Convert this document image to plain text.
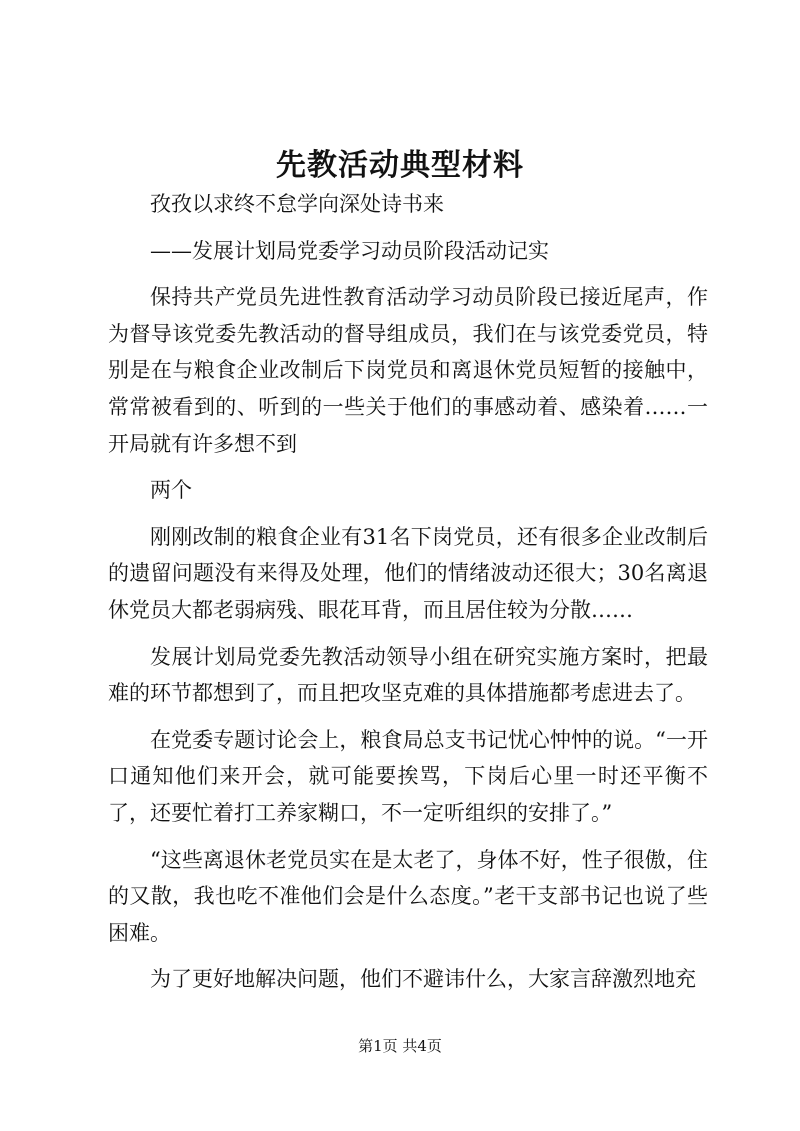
先教活动典型材料

孜孜以求终不怠学向深处诗书来

——发展计划局党委学习动员阶段活动记实

保持共产党员先进性教育活动学习动员阶段已接近尾声，作为督导该党委先教活动的督导组成员，我们在与该党委党员，特别是在与粮食企业改制后下岗党员和离退休党员短暂的接触中，常常被看到的、听到的一些关于他们的事感动着、感染着……一开局就有许多想不到

两个

刚刚改制的粮食企业有31名下岗党员，还有很多企业改制后的遗留问题没有来得及处理，他们的情绪波动还很大；30名离退休党员大都老弱病残、眼花耳背，而且居住较为分散……

发展计划局党委先教活动领导小组在研究实施方案时，把最难的环节都想到了，而且把攻坚克难的具体措施都考虑进去了。

在党委专题讨论会上，粮食局总支书记忧心忡忡的说。“一开口通知他们来开会，就可能要挨骂，下岗后心里一时还平衡不了，还要忙着打工养家糊口，不一定听组织的安排了。”

“这些离退休老党员实在是太老了，身体不好，性子很傲，住的又散，我也吃不准他们会是什么态度。”老干支部书记也说了些困难。

为了更好地解决问题，他们不避讳什么，大家言辞激烈地充

第1页 共4页
